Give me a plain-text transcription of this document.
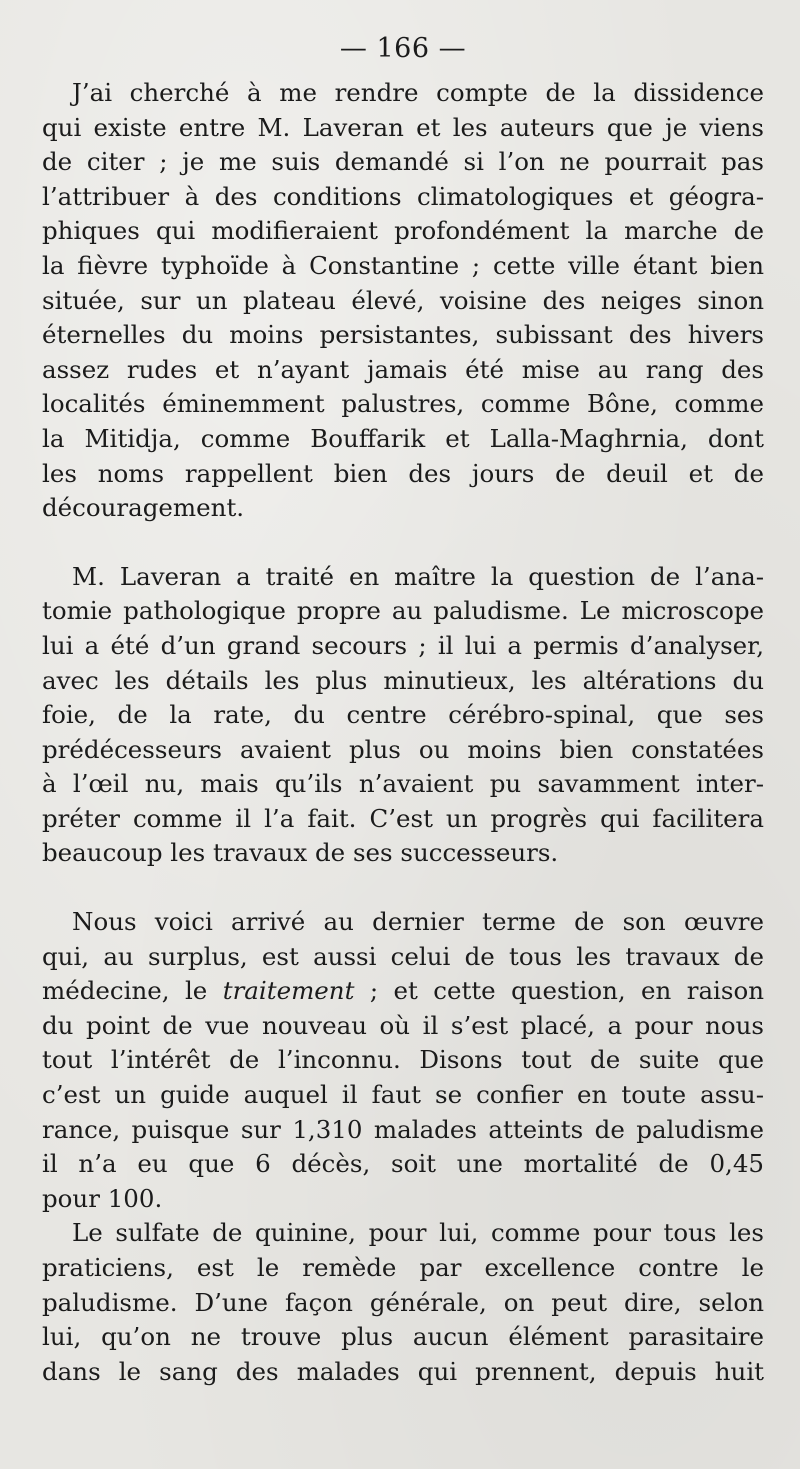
— 166 —

J’ai cherché à me rendre compte de la dissidence
qui existe entre M. Laveran et les auteurs que je viens
de citer ; je me suis demandé si l’on ne pourrait pas
l’attribuer à des conditions climatologiques et géogra-
phiques qui modifieraient profondément la marche de
la fièvre typhoïde à Constantine ; cette ville étant bien
située, sur un plateau élevé, voisine des neiges sinon
éternelles du moins persistantes, subissant des hivers
assez rudes et n’ayant jamais été mise au rang des
localités éminemment palustres, comme Bône, comme
la Mitidja, comme Bouffarik et Lalla-Maghrnia, dont
les noms rappellent bien des jours de deuil et de
découragement.

M. Laveran a traité en maître la question de l’ana-
tomie pathologique propre au paludisme. Le microscope
lui a été d’un grand secours ; il lui a permis d’analyser,
avec les détails les plus minutieux, les altérations du
foie, de la rate, du centre cérébro-spinal, que ses
prédécesseurs avaient plus ou moins bien constatées
à l’œil nu, mais qu’ils n’avaient pu savamment inter-
préter comme il l’a fait. C’est un progrès qui facilitera
beaucoup les travaux de ses successeurs.

Nous voici arrivé au dernier terme de son œuvre
qui, au surplus, est aussi celui de tous les travaux de
médecine, le traitement ; et cette question, en raison
du point de vue nouveau où il s’est placé, a pour nous
tout l’intérêt de l’inconnu. Disons tout de suite que
c’est un guide auquel il faut se confier en toute assu-
rance, puisque sur 1,310 malades atteints de paludisme
il n’a eu que 6 décès, soit une mortalité de 0,45
pour 100.

Le sulfate de quinine, pour lui, comme pour tous les
praticiens, est le remède par excellence contre le
paludisme. D’une façon générale, on peut dire, selon
lui, qu’on ne trouve plus aucun élément parasitaire
dans le sang des malades qui prennent, depuis huit
